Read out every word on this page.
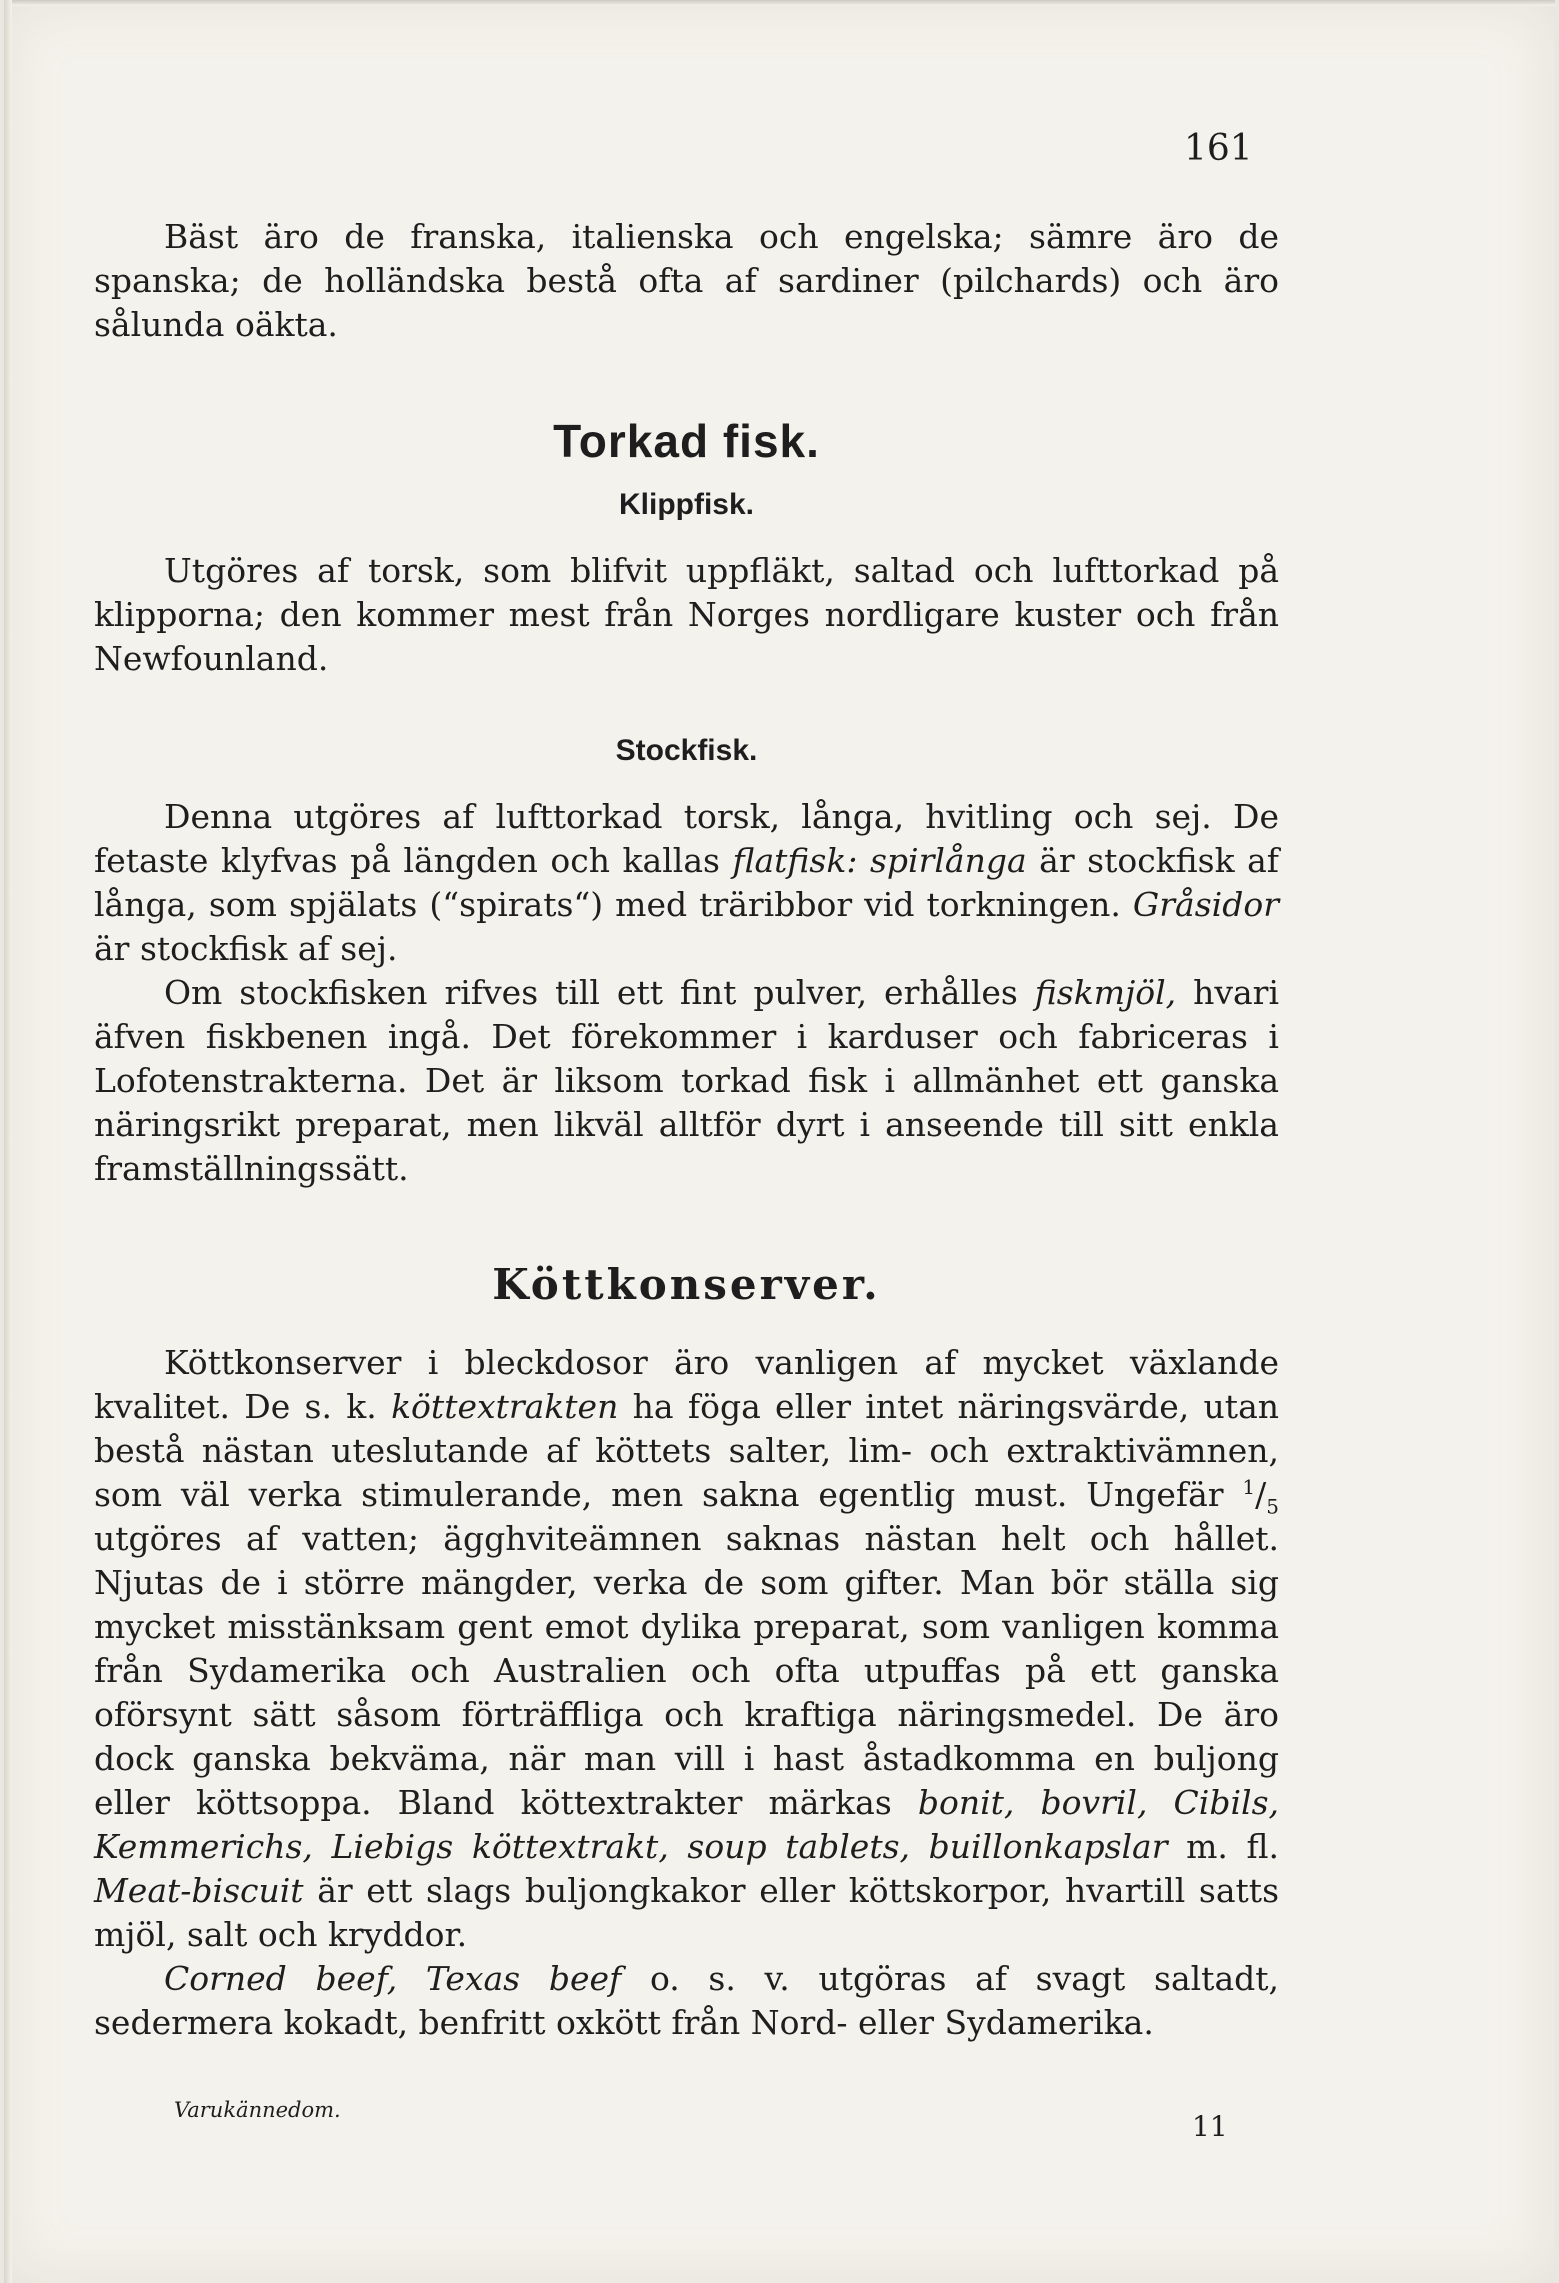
161

Bäst äro de franska, italienska och engelska; sämre äro de spanska; de holländska bestå ofta af sardiner (pilchards) och äro sålunda oäkta.

Torkad fisk.
Klippfisk.

Utgöres af torsk, som blifvit uppfläkt, saltad och lufttorkad på klipporna; den kommer mest från Norges nordligare kuster och från Newfounland.

Stockfisk.

Denna utgöres af lufttorkad torsk, långa, hvitling och sej. De fetaste klyfvas på längden och kallas flatfisk: spirlånga är stockfisk af långa, som spjälats (“spirats“) med träribbor vid torkningen. Gråsidor är stockfisk af sej.

Om stockfisken rifves till ett fint pulver, erhålles fiskmjöl, hvari äfven fiskbenen ingå. Det förekommer i karduser och fabriceras i Lofotenstrakterna. Det är liksom torkad fisk i allmänhet ett ganska näringsrikt preparat, men likväl alltför dyrt i anseende till sitt enkla framställningssätt.

Köttkonserver.

Köttkonserver i bleckdosor äro vanligen af mycket växlande kvalitet. De s. k. köttextrakten ha föga eller intet näringsvärde, utan bestå nästan uteslutande af köttets salter, lim- och extraktivämnen, som väl verka stimulerande, men sakna egentlig must. Ungefär $^1/_5$ utgöres af vatten; ägghviteämnen saknas nästan helt och hållet. Njutas de i större mängder, verka de som gifter. Man bör ställa sig mycket misstänksam gent emot dylika preparat, som vanligen komma från Sydamerika och Australien och ofta utpuffas på ett ganska oförsynt sätt såsom förträffliga och kraftiga näringsmedel. De äro dock ganska bekväma, när man vill i hast åstadkomma en buljong eller köttsoppa. Bland köttextrakter märkas bonit, bovril, Cibils, Kemmerichs, Liebigs köttextrakt, soup tablets, buillonkapslar m. fl. Meat-biscuit är ett slags buljongkakor eller köttskorpor, hvartill satts mjöl, salt och kryddor.

Corned beef, Texas beef o. s. v. utgöras af svagt saltadt, sedermera kokadt, benfritt oxkött från Nord- eller Sydamerika.

Varukännedom.	11
